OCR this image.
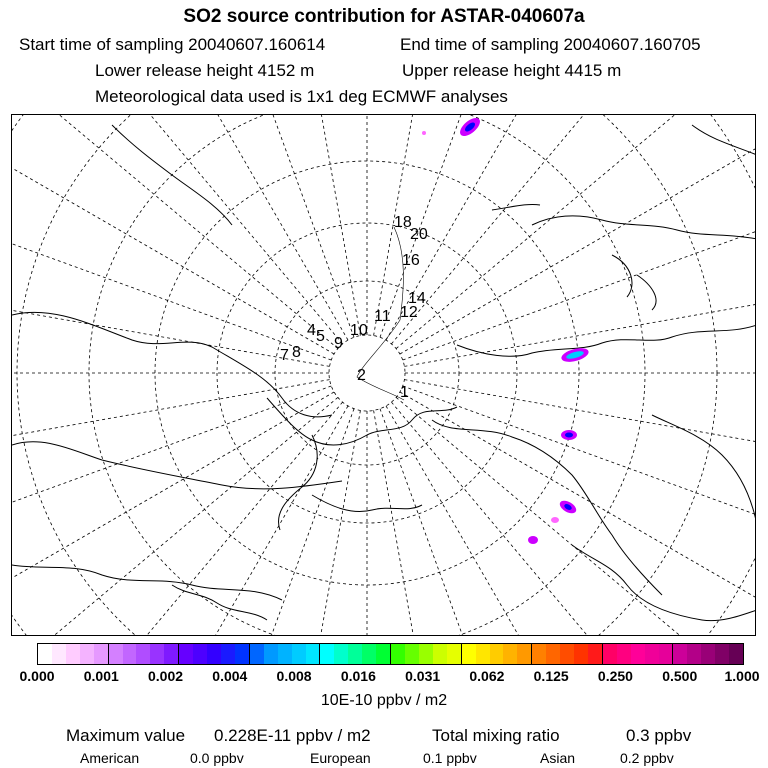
SO2 source contribution for ASTAR-040607a
Start time of sampling 20040607.160614	End time of sampling 20040607.160705
Lower release height 4152 m	Upper release height 4415 m
Meteorological data used is 1x1 deg ECMWF analyses
18
20
16
14
12
11
10
4 5 9
7 8
2
1
0.000 0.001 0.002 0.004 0.008 0.016 0.031 0.062 0.125 0.250 0.500 1.000
10E-10 ppbv / m2
Maximum value 0.228E-11 ppbv / m2	Total mixing ratio	0.3 ppbv
American	0.0 ppbv	European	0.1 ppbv	Asian	0.2 ppbv
